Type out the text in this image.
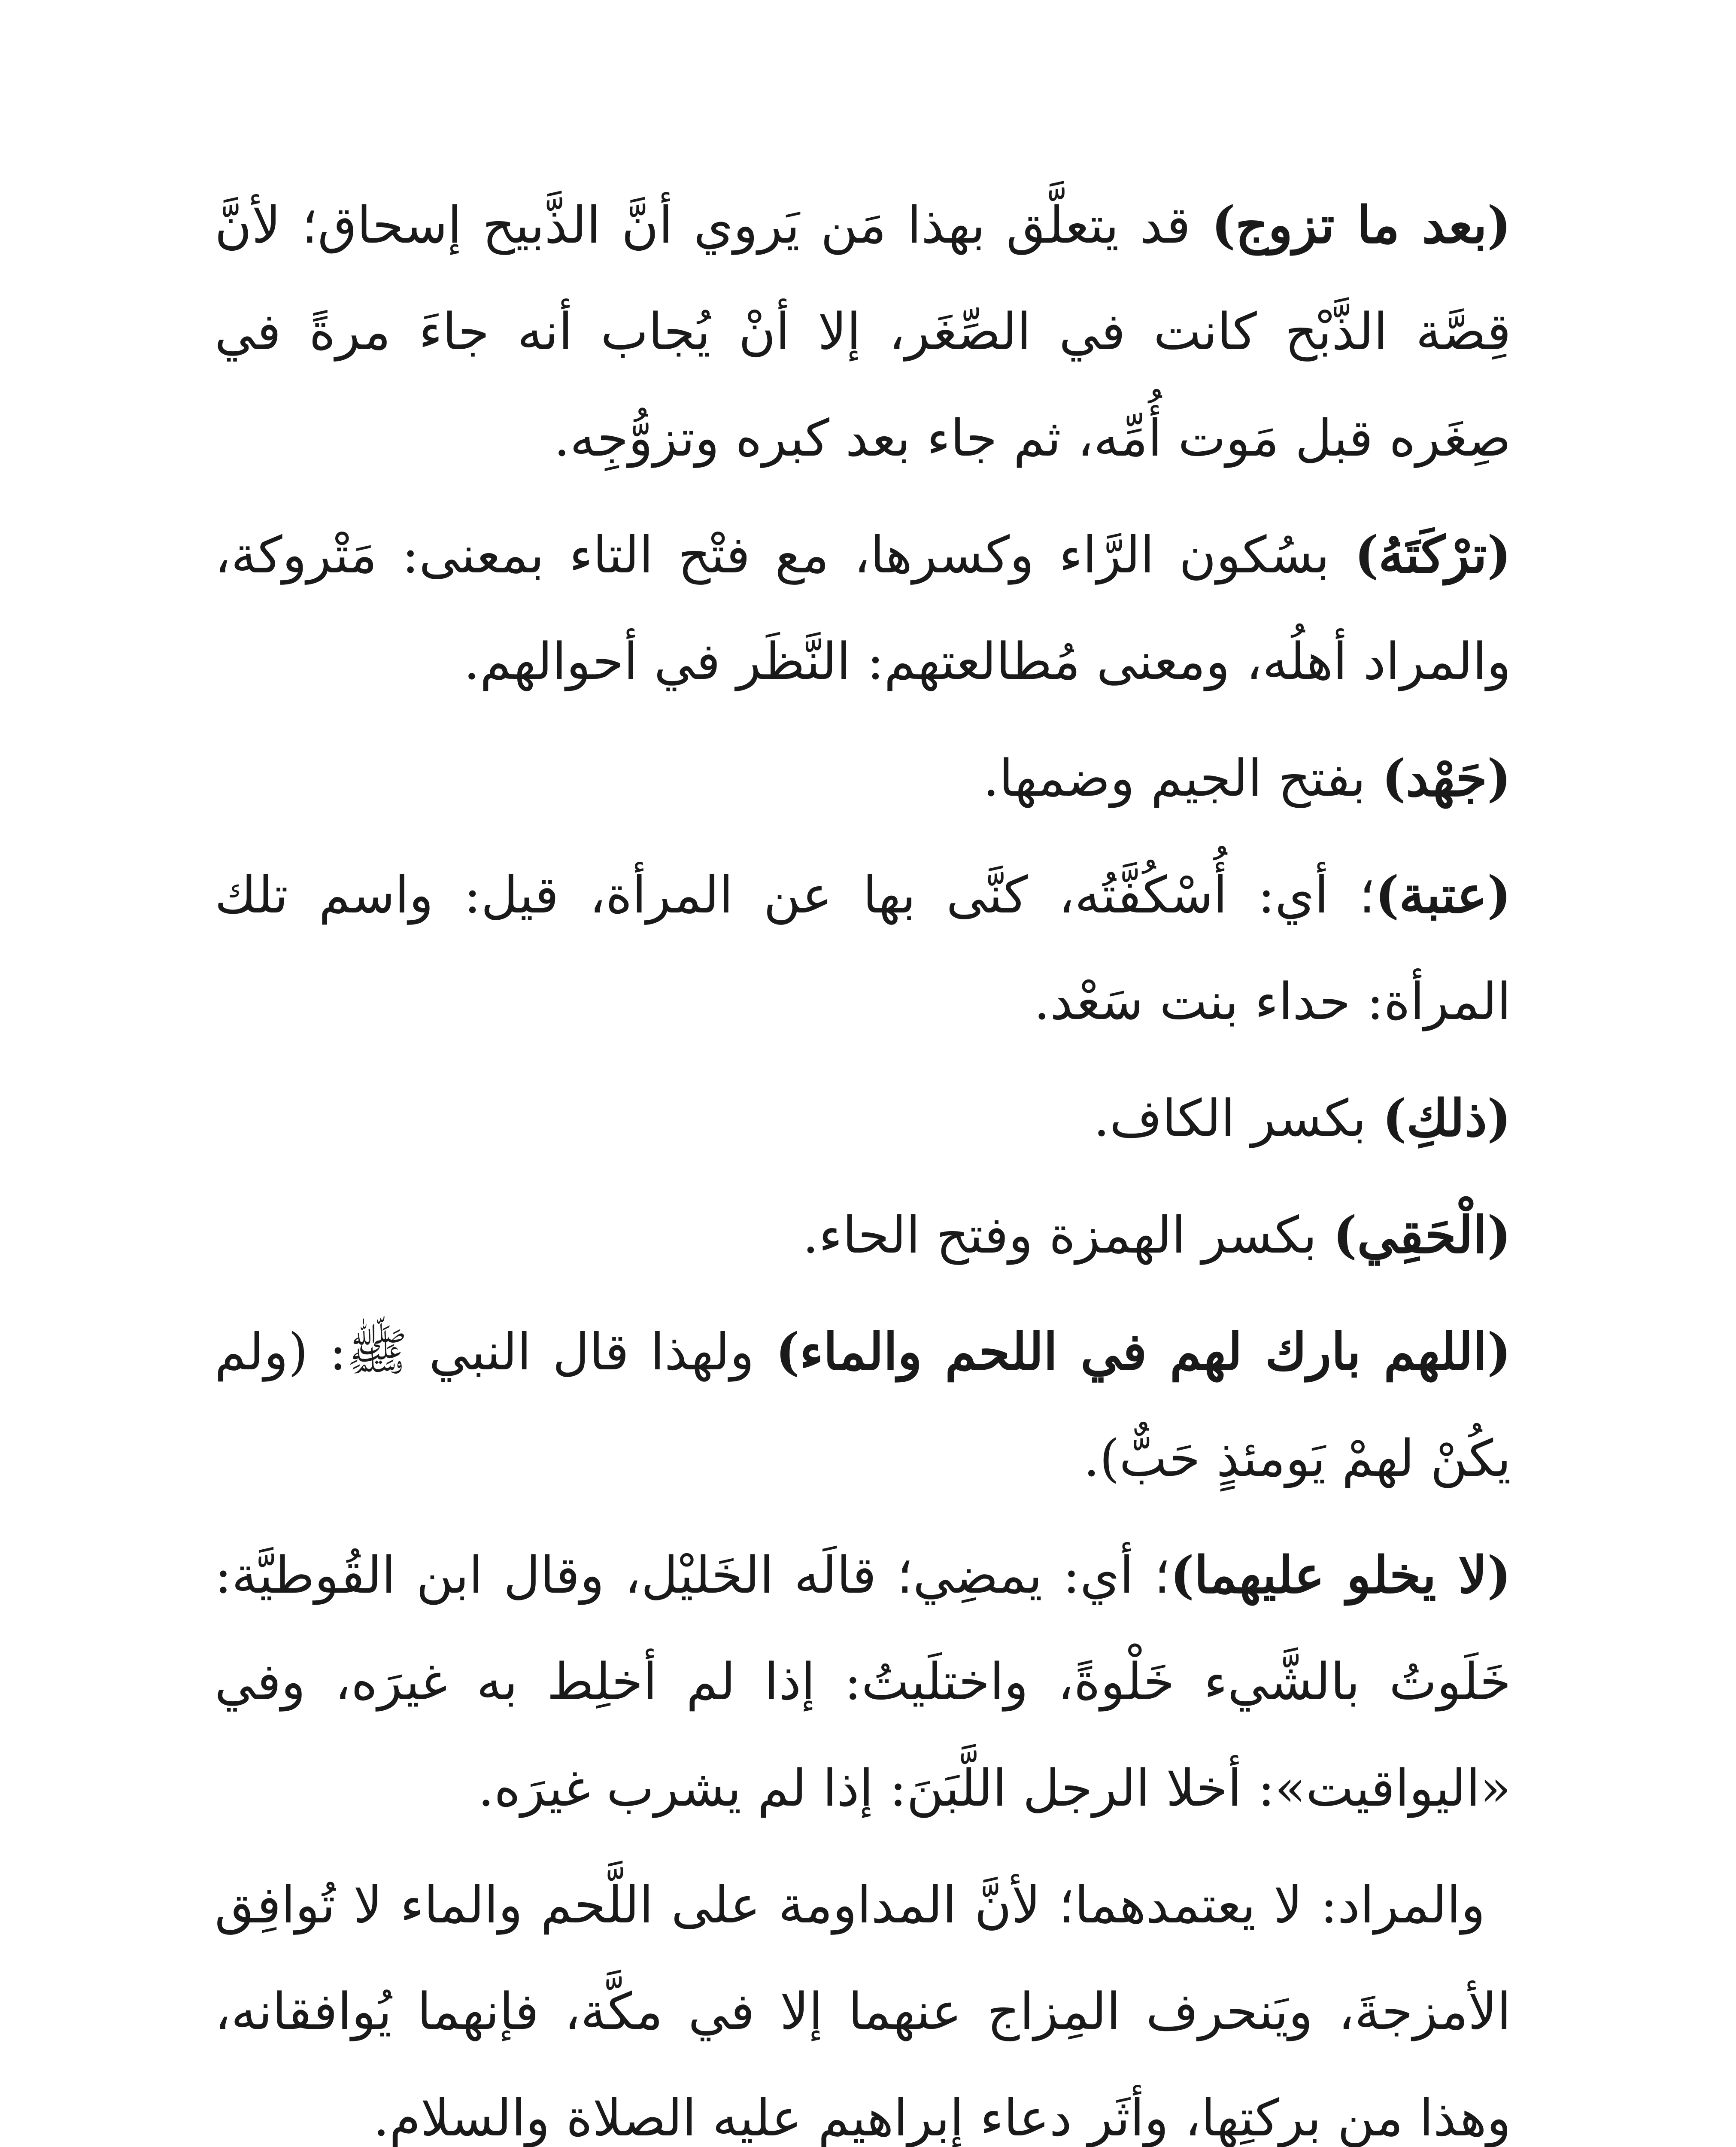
(بعد ما تزوج) قد يتعلَّق بهذا مَن يَروي أنَّ الذَّبيح إسحاق؛ لأنَّ قِصَّة الذَّبْح كانت في الصِّغَر، إلا أنْ يُجاب أنه جاءَ مرةً في صِغَره قبل مَوت أُمِّه، ثم جاء بعد كبره وتزوُّجِه.

(ترْكَتَهُ) بسُكون الرَّاء وكسرها، مع فتْح التاء بمعنى: مَتْروكة، والمراد أهلُه، ومعنى مُطالعتهم: النَّظَر في أحوالهم.

(جَهْد) بفتح الجيم وضمها.

(عتبة)؛ أي: أُسْكُفَّتُه، كنَّى بها عن المرأة، قيل: واسم تلك المرأة: حداء بنت سَعْد.

(ذلكِ) بكسر الكاف.

(الْحَقِي) بكسر الهمزة وفتح الحاء.

(اللهم بارك لهم في اللحم والماء) ولهذا قال النبي ﷺ: (ولم يكُنْ لهمْ يَومئذٍ حَبٌّ).

(لا يخلو عليهما)؛ أي: يمضِي؛ قالَه الخَليْل، وقال ابن القُوطيَّة: خَلَوتُ بالشَّيء خَلْوةً، واختلَيتُ: إذا لم أخلِط به غيرَه، وفي «اليواقيت»: أخلا الرجل اللَّبَنَ: إذا لم يشرب غيرَه.

والمراد: لا يعتمدهما؛ لأنَّ المداومة على اللَّحم والماء لا تُوافِق الأمزجةَ، ويَنحرف المِزاج عنهما إلا في مكَّة، فإنهما يُوافقانه، وهذا من بركتِها، وأثَرِ دعاء إبراهيم عليه الصلاة والسلام.
